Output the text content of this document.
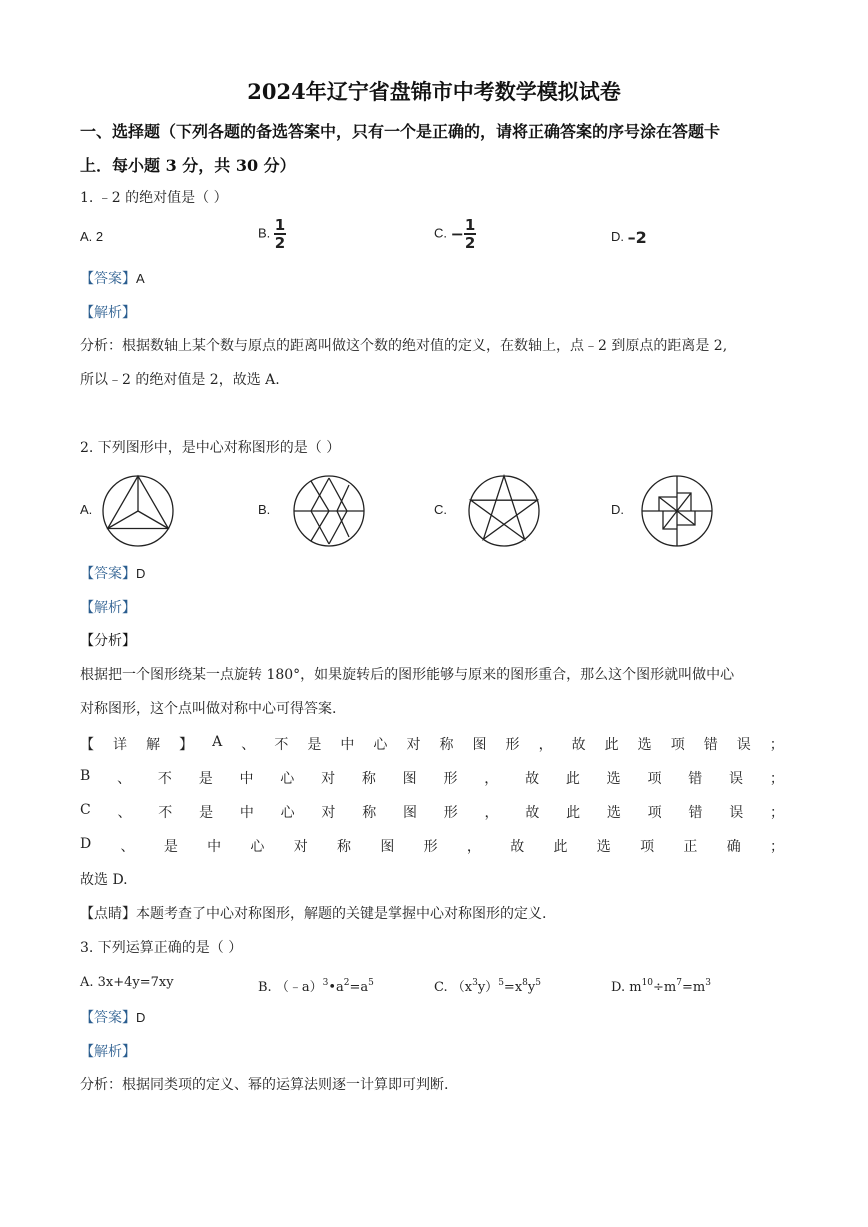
2024年辽宁省盘锦市中考数学模拟试卷
一、选择题（下列各题的备选答案中，只有一个是正确的，请将正确答案的序号涂在答题卡
上．每小题 3 分，共 30 分）
1. ﹣2 的绝对值是（ ）
A. 2	B. $\frac{1}{2}$	C. − $\frac{1}{2}$	D. –2
【答案】A
【解析】
分析：根据数轴上某个数与原点的距离叫做这个数的绝对值的定义，在数轴上，点﹣2 到原点的距离是 2,
所以﹣2 的绝对值是 2，故选 A.
2. 下列图形中，是中心对称图形的是（ ）
A.	B.	C.	D.
【答案】D
【解析】
【分析】
根据把一个图形绕某一点旋转 180°，如果旋转后的图形能够与原来的图形重合，那么这个图形就叫做中心
对称图形，这个点叫做对称中心可得答案.
【 详 解 】 A 、 不 是 中 心 对 称 图 形 ， 故 此 选 项 错 误 ；
B 、 不 是 中 心 对 称 图 形 ， 故 此 选 项 错 误 ；
C 、 不 是 中 心 对 称 图 形 ， 故 此 选 项 错 误 ；
D 、 是 中 心 对 称 图 形 ， 故 此 选 项 正 确 ；
故选 D.
【点睛】本题考查了中心对称图形，解题的关键是掌握中心对称图形的定义.
3. 下列运算正确的是（ ）
A. 3x+4y=7xy	B. $(﹣a)^3•a^2=a^5$	C. $(x^3y)^5=x^8y^5$	D. $m^{10}\div m^7=m^3$
【答案】D
【解析】
分析：根据同类项的定义、幂的运算法则逐一计算即可判断.
